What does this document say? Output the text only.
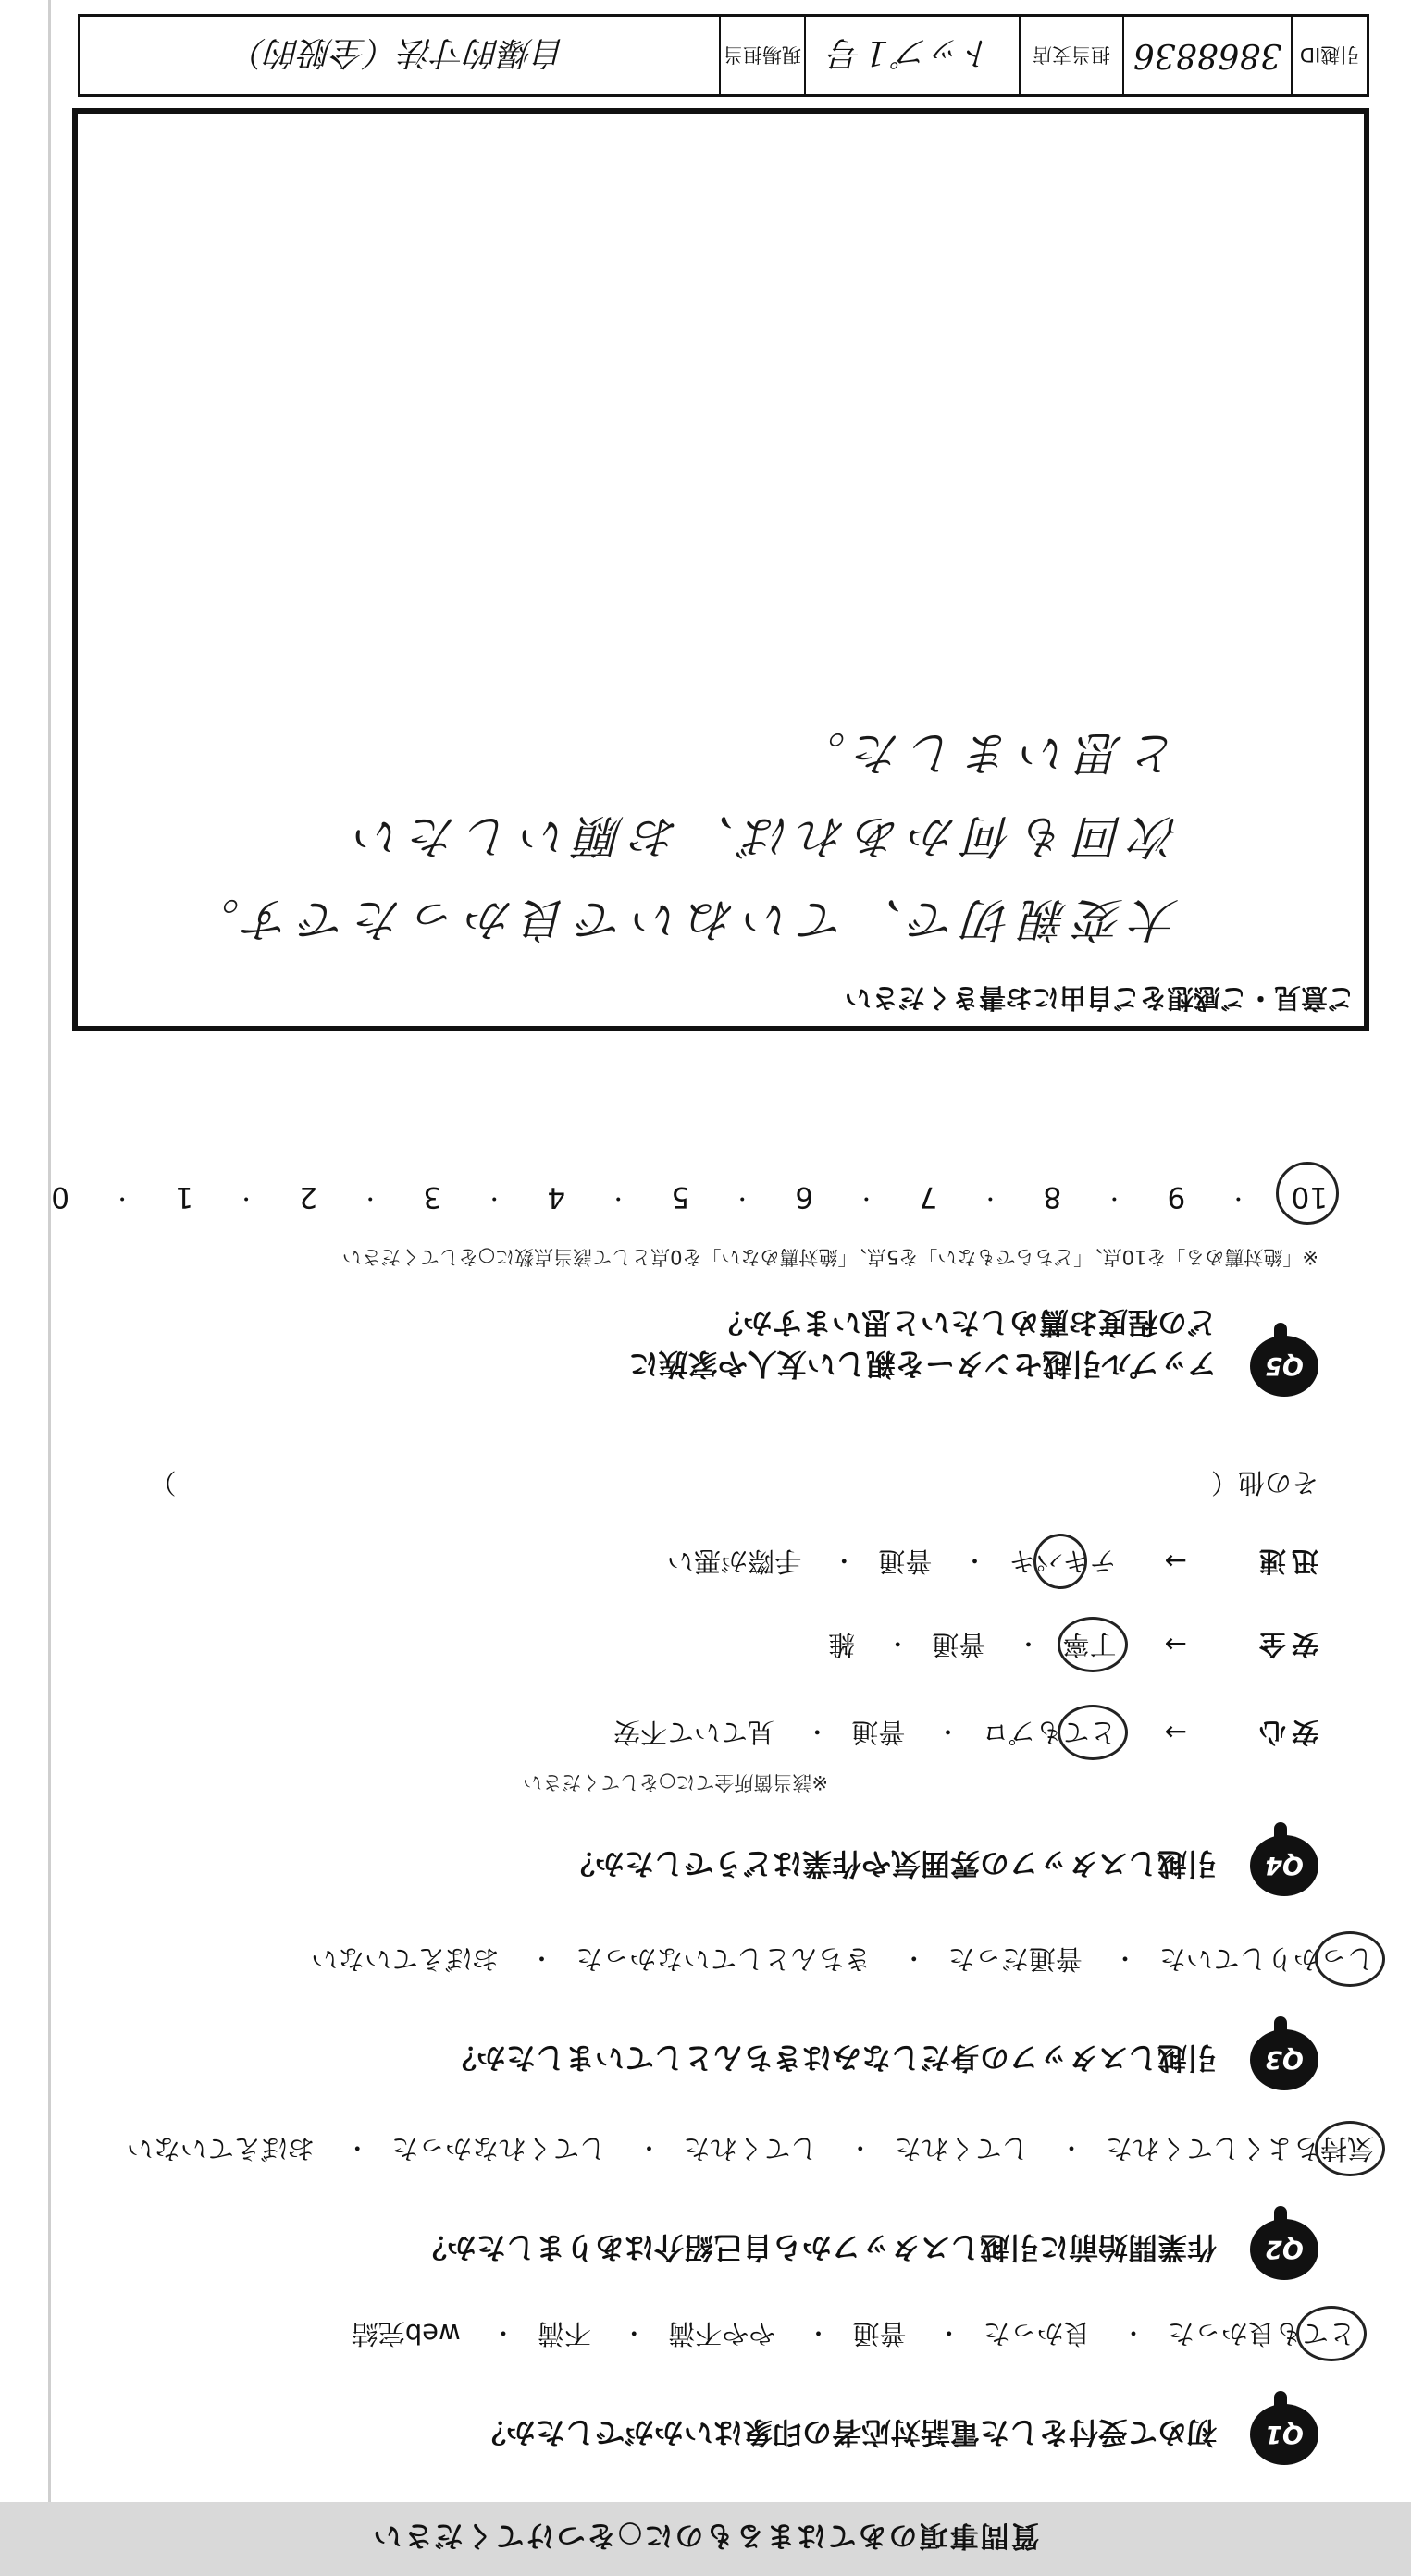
質問事項のあてはまるものに○をつけてください
Q1
初めて受付をした電話対応者の印象はいかがでしたか？
とても良かった・ 良かった・ 普通・ やや不満・ 不満・ web完結
Q2
作業開始前に引越しスタッフから自己紹介はありましたか？
気持ちよくしてくれた・ してくれた・ してくれた・ してくれなかった・ おぼえていない
Q3
引越しスタッフの身だしなみはきちんとしていましたか？
しっかりしていた・ 普通だった・ きちんとしていなかった・ おぼえていない
Q4
引越しスタッフの雰囲気や作業はどうでしたか？
※該当箇所全てに○をしてください
安心 → とてもプロ・ 普通・ 見ていて不安
安全 → 丁寧・ 普通・ 雑
迅速 → テキパキ・ 普通・ 手際が悪い
その他（  ）
Q5
アップル引越センターを親しい友人や家族に
どの程度お薦めしたいと思いますか？
※「絶対薦める」を10点、「どちらでもない」を5点、「絶対薦めない」を0点として該当点数に○をしてください
10
・
9
・
8
・
7
・
6
・
5
・
4
・
3
・
2
・
1
・
0
ご意見・ご感想をご自由にお書きください
大変親切で、ていねいで良かったです。
次回も何かあれば、お願いしたい
と思いました。
引越ID
3868836
担当支店
トップ１号
現場担当
自爆的寸法（全般的）
